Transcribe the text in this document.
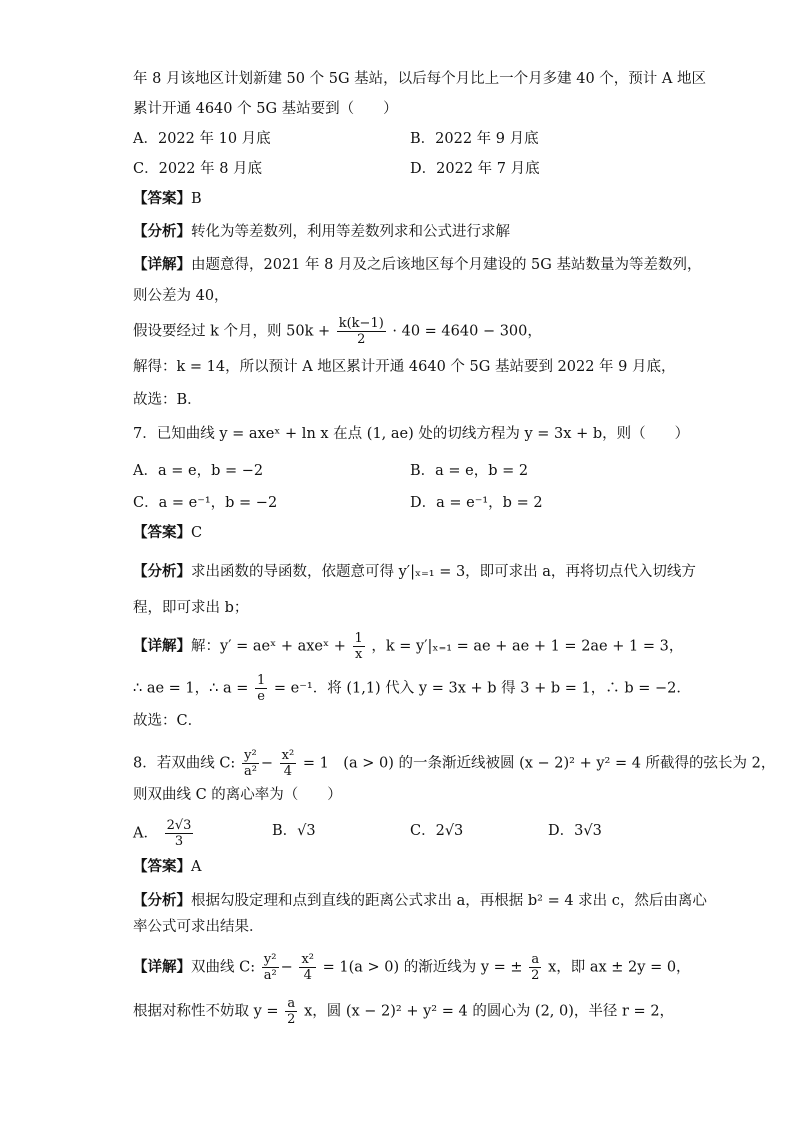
年 8 月该地区计划新建 50 个 5G 基站，以后每个月比上一个月多建 40 个，预计 A 地区
累计开通 4640 个 5G 基站要到（　　）
A．2022 年 10 月底	B．2022 年 9 月底
C．2022 年 8 月底	D．2022 年 7 月底
【答案】B
【分析】转化为等差数列，利用等差数列求和公式进行求解
【详解】由题意得，2021 年 8 月及之后该地区每个月建设的 5G 基站数量为等差数列，
则公差为 40，
假设要经过 k 个月，则 $50k + \frac{k(k-1)}{2} \cdot 40 = 4640 - 300$，
解得：k = 14，所以预计 A 地区累计开通 4640 个 5G 基站要到 2022 年 9 月底，
故选：B．
7．已知曲线 y = axeˣ + ln x 在点 (1, ae) 处的切线方程为 y = 3x + b，则（　　）
A．a = e，b = −2	B．a = e，b = 2
C．a = e⁻¹，b = −2	D．a = e⁻¹，b = 2
【答案】C
【分析】求出函数的导函数，依题意可得 y′|ₓ₌₁ = 3，即可求出 a，再将切点代入切线方
程，即可求出 b；
【详解】解：y′ = aeˣ + axeˣ + $\frac{1}{x}$ ，k = y′|ₓ₌₁ = ae + ae + 1 = 2ae + 1 = 3，
∴ ae = 1，∴ $a = \frac{1}{e} = e^{-1}$．将 (1,1) 代入 y = 3x + b 得 3 + b = 1，∴ b = −2．
故选：C．
8．若双曲线 C: $\frac{\text{y²}}{\text{a²}} - \frac{\text{x²}}{4} = 1$　(a > 0) 的一条渐近线被圆 (x − 2)² + y² = 4 所截得的弦长为 2，
则双曲线 C 的离心率为（　　）
A． $\frac{2√3}{3}$	B．√3	C．2√3	D．3√3
【答案】A
【分析】根据勾股定理和点到直线的距离公式求出 a，再根据 b² = 4 求出 c，然后由离心
率公式可求出结果．
【详解】双曲线 C: $\frac{\text{y²}}{\text{a²}} - \frac{\text{x²}}{4} = 1(a > 0)$ 的渐近线为 y = ± $\frac{a}{2}$ x，即 ax ± 2y = 0，
根据对称性不妨取 $y = \frac{a}{2}$ x，圆 (x − 2)² + y² = 4 的圆心为 (2, 0)，半径 r = 2，
